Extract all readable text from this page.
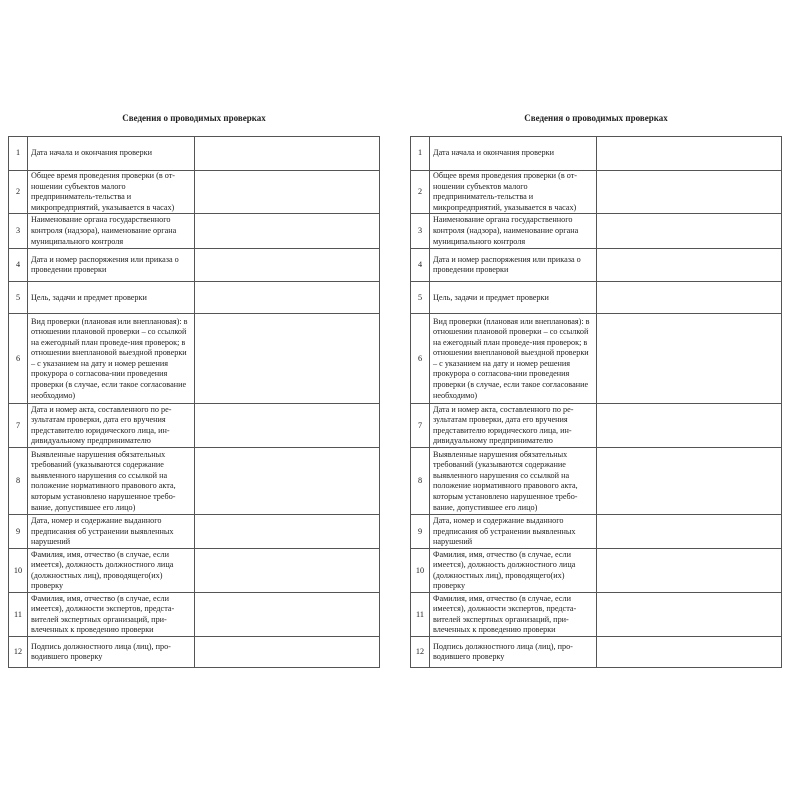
Сведения о проводимых проверках
1	Дата начала и окончания проверки	
2	Общее время проведения проверки (в от-ношении субъектов малого предприниматель-тельства и микропредприятий, указывается в часах)	
3	Наименование органа государственного контроля (надзора), наименование органа муниципального контроля	
4	Дата и номер распоряжения или приказа о проведении проверки	
5	Цель, задачи и предмет проверки	
6	Вид проверки (плановая или внеплановая): в отношении плановой проверки – со ссылкой на ежегодный план проведе-ния проверок; в отношении внеплановой выездной проверки – с указанием на дату и номер решения прокурора о согласова-нии проведения проверки (в случае, если такое согласование необходимо)	
7	Дата и номер акта, составленного по ре-зультатам проверки, дата его вручения представителю юридического лица, ин-дивидуальному предпринимателю	
8	Выявленные нарушения обязательных требований (указываются содержание выявленного нарушения со ссылкой на положение нормативного правового акта, которым установлено нарушенное требо-вание, допустившее его лицо)	
9	Дата, номер и содержание выданного предписания об устранении выявленных нарушений	
10	Фамилия, имя, отчество (в случае, если имеется), должность должностного лица (должностных лиц), проводящего(их) проверку	
11	Фамилия, имя, отчество (в случае, если имеется), должности экспертов, предста-вителей экспертных организаций, при-влеченных к проведению проверки	
12	Подпись должностного лица (лиц), про-водившего проверку	
Сведения о проводимых проверках
1	Дата начала и окончания проверки	
2	Общее время проведения проверки (в от-ношении субъектов малого предприниматель-тельства и микропредприятий, указывается в часах)	
3	Наименование органа государственного контроля (надзора), наименование органа муниципального контроля	
4	Дата и номер распоряжения или приказа о проведении проверки	
5	Цель, задачи и предмет проверки	
6	Вид проверки (плановая или внеплановая): в отношении плановой проверки – со ссылкой на ежегодный план проведе-ния проверок; в отношении внеплановой выездной проверки – с указанием на дату и номер решения прокурора о согласова-нии проведения проверки (в случае, если такое согласование необходимо)	
7	Дата и номер акта, составленного по ре-зультатам проверки, дата его вручения представителю юридического лица, ин-дивидуальному предпринимателю	
8	Выявленные нарушения обязательных требований (указываются содержание выявленного нарушения со ссылкой на положение нормативного правового акта, которым установлено нарушенное требо-вание, допустившее его лицо)	
9	Дата, номер и содержание выданного предписания об устранении выявленных нарушений	
10	Фамилия, имя, отчество (в случае, если имеется), должность должностного лица (должностных лиц), проводящего(их) проверку	
11	Фамилия, имя, отчество (в случае, если имеется), должности экспертов, предста-вителей экспертных организаций, при-влеченных к проведению проверки	
12	Подпись должностного лица (лиц), про-водившего проверку	
